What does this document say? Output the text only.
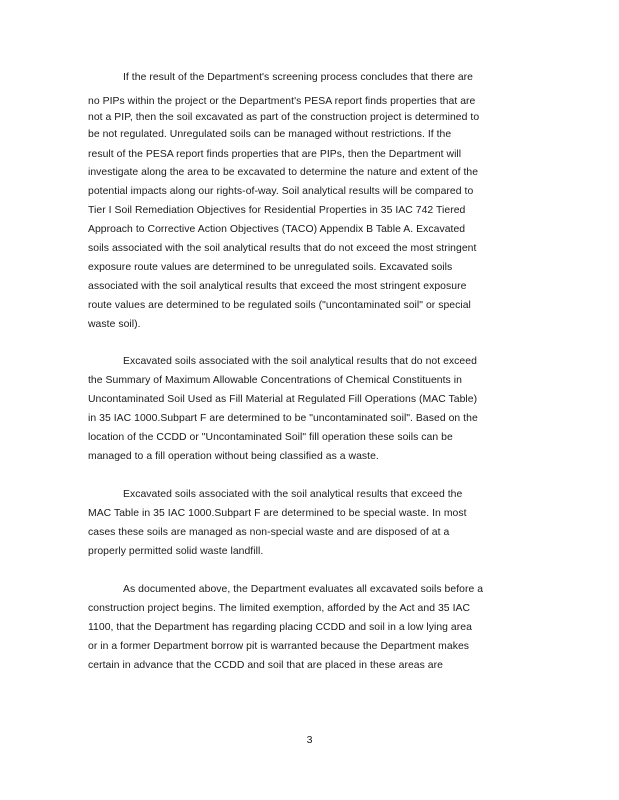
If the result of the Department's screening process concludes that there are

no PIPs within the project or the Department's PESA report finds properties that are

not a PIP, then the soil excavated as part of the construction project is determined to

be not regulated. Unregulated soils can be managed without restrictions. If the

result of the PESA report finds properties that are PIPs, then the Department will

investigate along the area to be excavated to determine the nature and extent of the

potential impacts along our rights-of-way. Soil analytical results will be compared to

Tier I Soil Remediation Objectives for Residential Properties in 35 IAC 742 Tiered

Approach to Corrective Action Objectives (TACO) Appendix B Table A. Excavated

soils associated with the soil analytical results that do not exceed the most stringent

exposure route values are determined to be unregulated soils. Excavated soils

associated with the soil analytical results that exceed the most stringent exposure

route values are determined to be regulated soils ("uncontaminated soil" or special

waste soil).

Excavated soils associated with the soil analytical results that do not exceed

the Summary of Maximum Allowable Concentrations of Chemical Constituents in

Uncontaminated Soil Used as Fill Material at Regulated Fill Operations (MAC Table)

in 35 IAC 1000.Subpart F are determined to be "uncontaminated soil". Based on the

location of the CCDD or "Uncontaminated Soil" fill operation these soils can be

managed to a fill operation without being classified as a waste.

Excavated soils associated with the soil analytical results that exceed the

MAC Table in 35 IAC 1000.Subpart F are determined to be special waste. In most

cases these soils are managed as non-special waste and are disposed of at a

properly permitted solid waste landfill.

As documented above, the Department evaluates all excavated soils before a

construction project begins. The limited exemption, afforded by the Act and 35 IAC

1100, that the Department has regarding placing CCDD and soil in a low lying area

or in a former Department borrow pit is warranted because the Department makes

certain in advance that the CCDD and soil that are placed in these areas are

3
